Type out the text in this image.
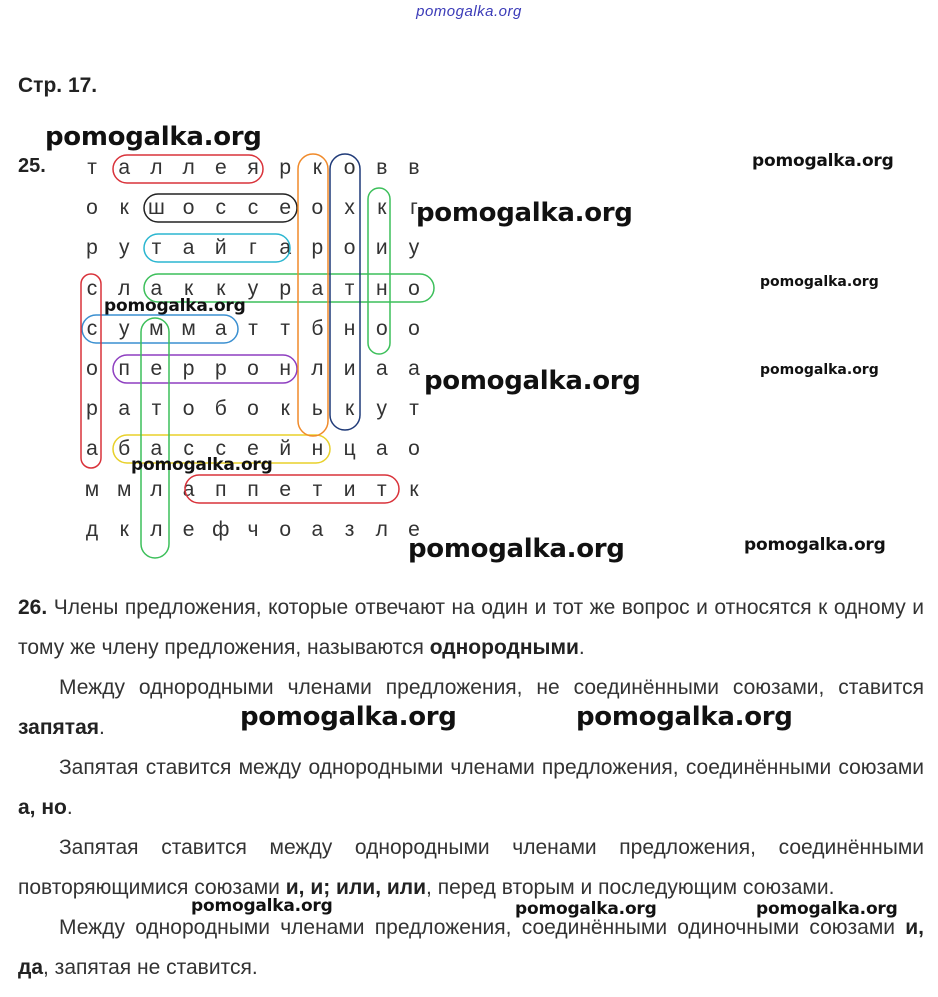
pomogalka.org
Стр. 17.
25.	т	а л л е я р	к	о в	в
о	к ш о	с	с	е о	х	к	г
р	у	т	а й	г	а р о и	у
с л а	к	к	у	р а	т	н о
с	у м м а	т	т	б н о о
о п е р р о н л и а а
р а	т	о б о	к	ь	к	у	т
а б а	с	с	е й н ц а о
м м л а п п е	т	и	т	к
д	к	л е ф ч о а	з	л е

26. Члены предложения, которые отвечают на один и тот же вопрос и относятся к одному и тому же члену предложения, называются однородными.

Между однородными членами предложения, не соединёнными союзами, ставится запятая.

Запятая ставится между однородными членами предложения, соединёнными союзами а, но.

Запятая ставится между однородными членами предложения, соединёнными повторяющимися союзами и, и; или, или, перед вторым и последующим союзами.

Между однородными членами предложения, соединёнными одиночными союзами и, да, запятая не ставится.

pomogalka.org
pomogalka.org
pomogalka.org
pomogalka.org
pomogalka.org
pomogalka.org
pomogalka.org
pomogalka.org
pomogalka.org	pomogalka.org
pomogalka.org	pomogalka.org
pomogalka.org	pomogalka.org	pomogalka.org
